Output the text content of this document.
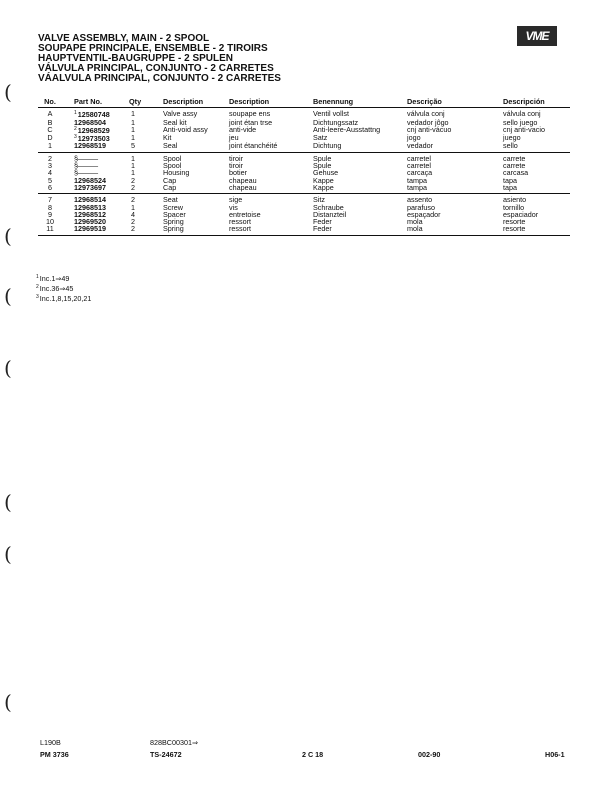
VME
VALVE ASSEMBLY, MAIN - 2 SPOOL
SOUPAPE PRINCIPALE, ENSEMBLE - 2 TIROIRS
HAUPTVENTIL-BAUGRUPPE - 2 SPULEN
VÁLVULA PRINCIPAL, CONJUNTO - 2 CARRETES
VÁALVULA PRINCIPAL, CONJUNTO - 2 CARRETES
(
(
(
(
(
(
(
No.	Part No.	Qty	Description	Description	Benennung	Descrição	Descripción
A	$^1$12580748	1	Valve assy	soupape ens	Ventil vollst	válvula conj	válvula conj
B	12968504	1	Seal kit	joint étan trse	Dichtungssatz	vedador jôgo	sello juego
C	$^2$12968529	1	Anti-void assy	anti-vide	Anti-leere-Ausstattng	cnj anti-vácuo	cnj anti-vacio
D	$^3$12973503	1	Kit	jeu	Satz	jogo	juego
1	12968519	5	Seal	joint étanchéité	Dichtung	vedador	sello
2	§———	1	Spool	tiroir	Spule	carretel	carrete
3	§———	1	Spool	tiroir	Spule	carretel	carrete
4	§———	1	Housing	botier	Gehuse	carcaça	carcasa
5	12968524	2	Cap	chapeau	Kappe	tampa	tapa
6	12973697	2	Cap	chapeau	Kappe	tampa	tapa
7	12968514	2	Seat	sige	Sitz	assento	asiento
8	12968513	1	Screw	vis	Schraube	parafuso	tornillo
9	12968512	4	Spacer	entretoise	Distanzteil	espaçador	espaciador
10	12969520	2	Spring	ressort	Feder	mola	resorte
11	12969519	2	Spring	ressort	Feder	mola	resorte
$^1$Inc.1⇒49
$^2$Inc.36⇒45
$^3$Inc.1,8,15,20,21
L190B	828BC00301⇒
PM 3736	TS-24672	2 C 18	002-90	H06-1
